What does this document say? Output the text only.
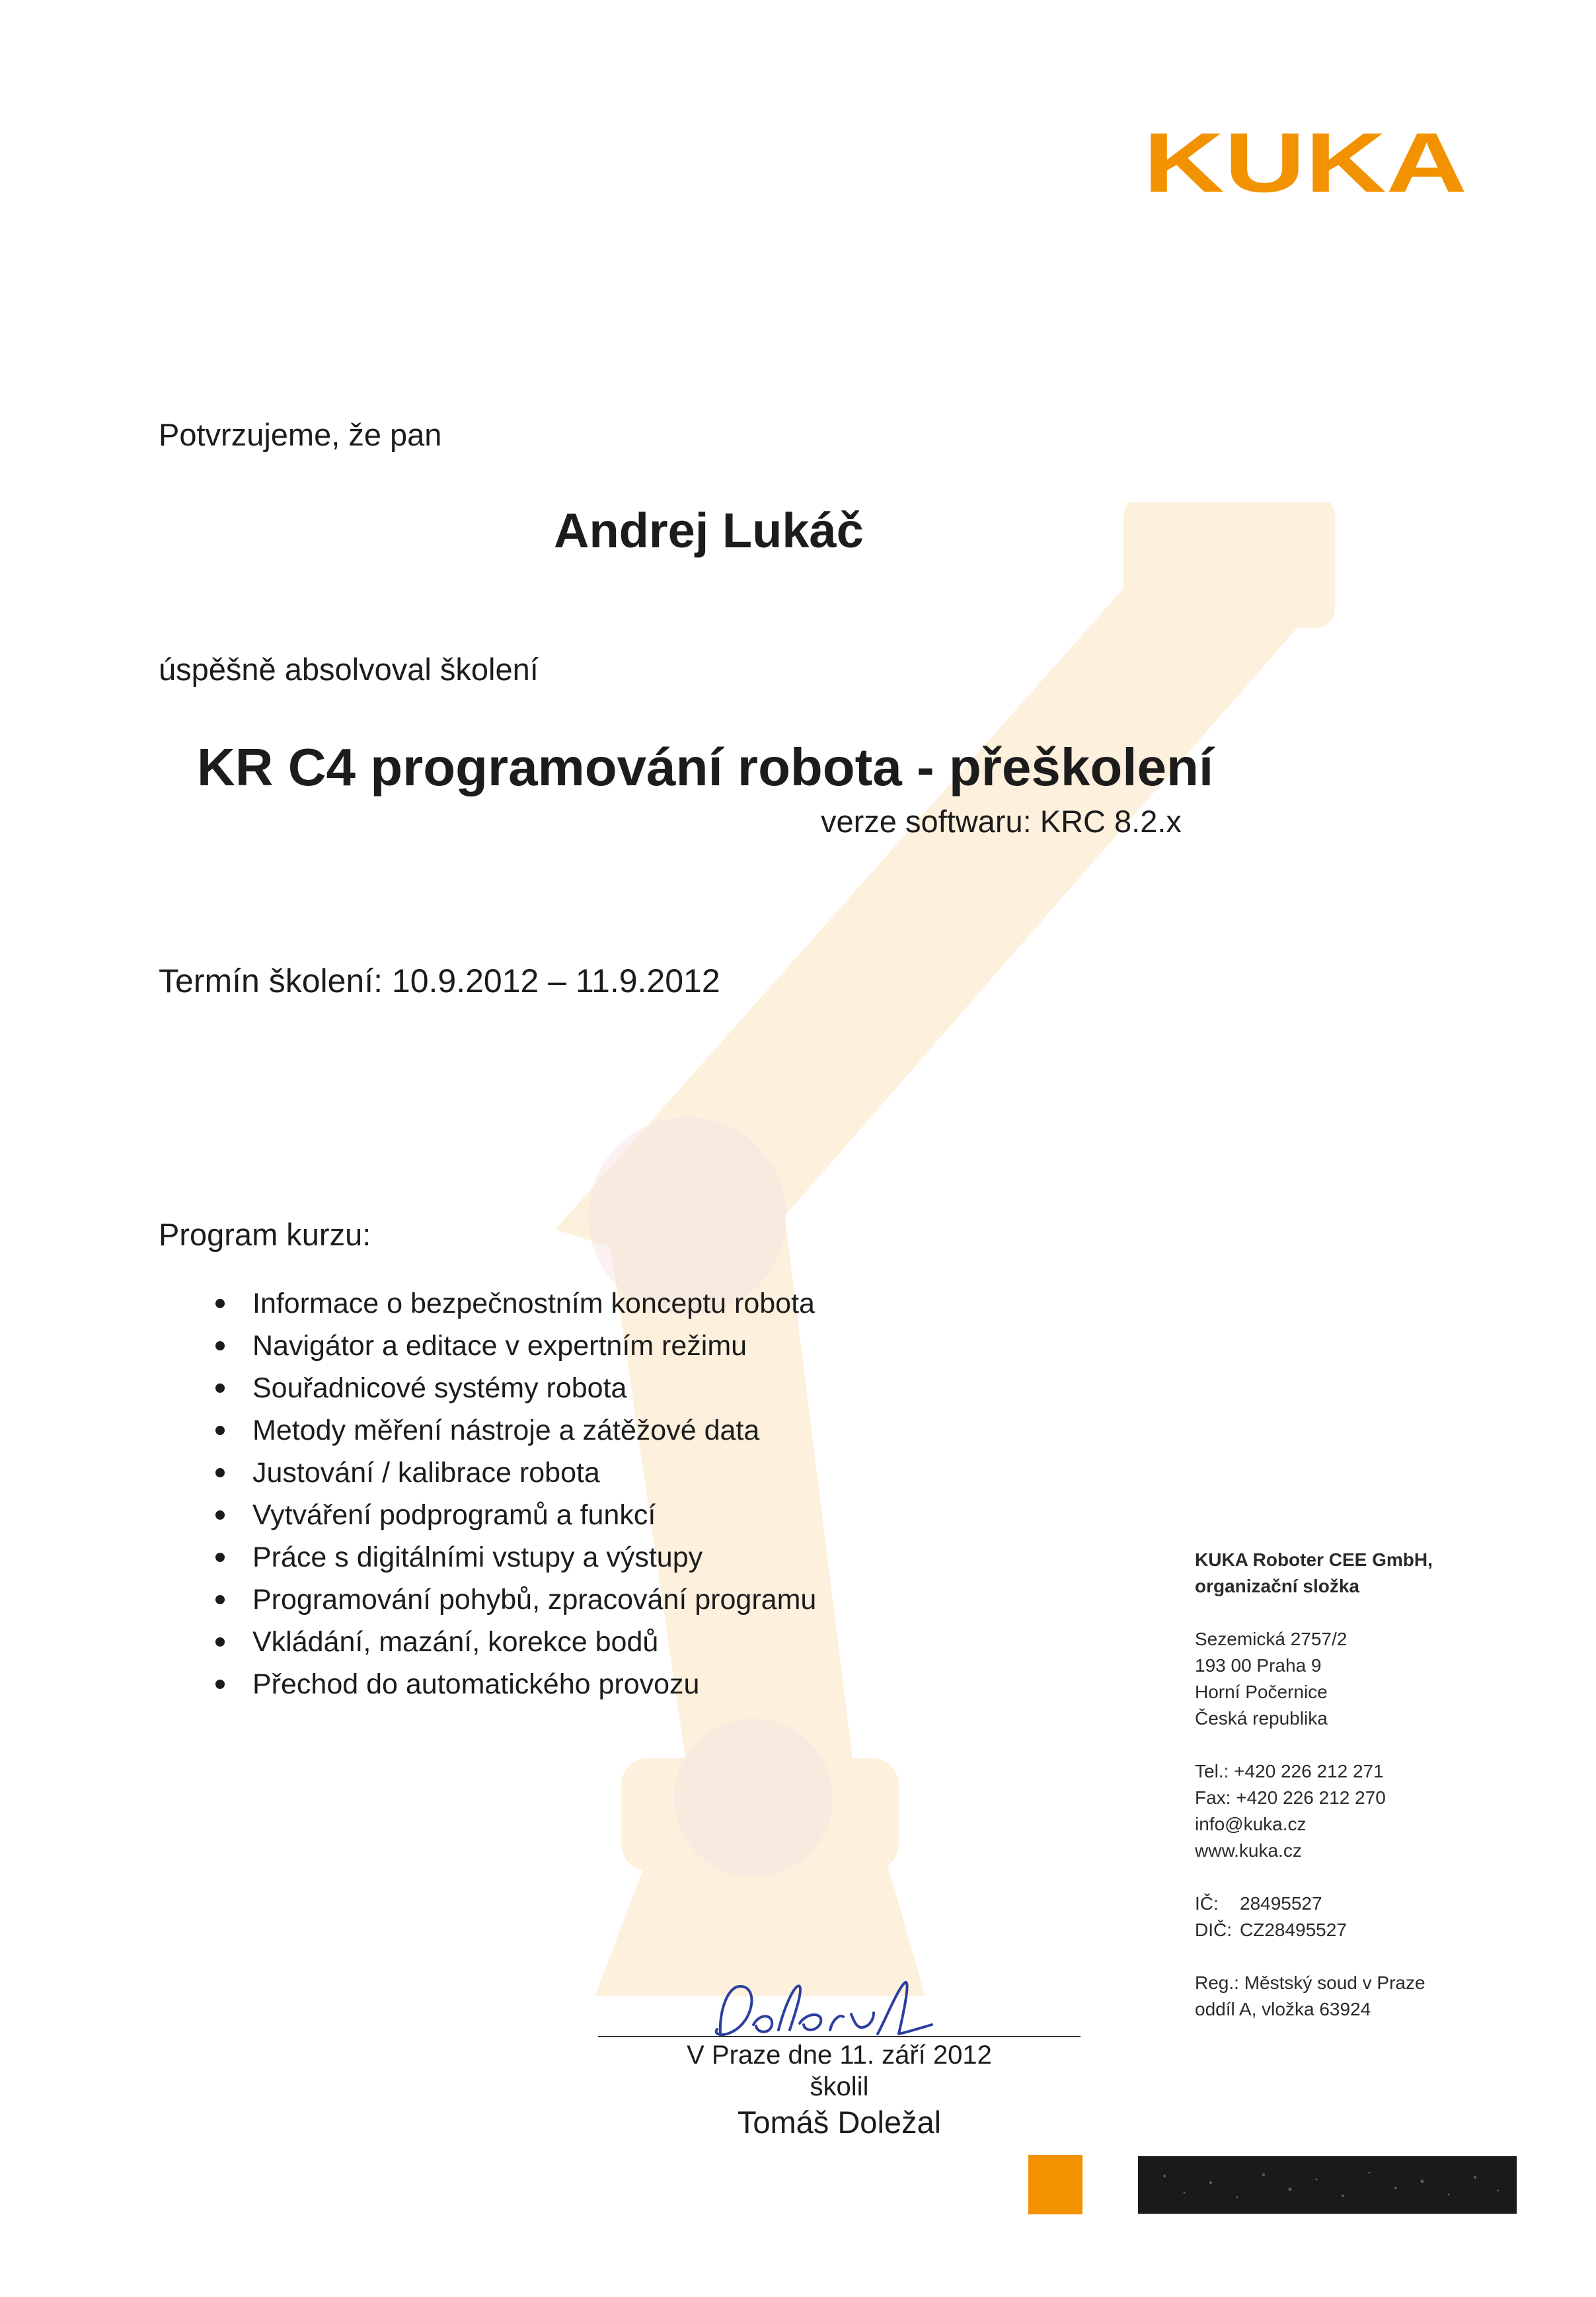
KUKA
Potvrzujeme, že pan
Andrej Lukáč
úspěšně absolvoval školení
KR C4 programování robota - přeškolení
verze softwaru: KRC 8.2.x
Termín školení: 10.9.2012 – 11.9.2012
Program kurzu:
Informace o bezpečnostním konceptu robota
Navigátor a editace v expertním režimu
Souřadnicové systémy robota
Metody měření nástroje a zátěžové data
Justování / kalibrace robota
Vytváření podprogramů a funkcí
Práce s digitálními vstupy a výstupy
Programování pohybů, zpracování programu
Vkládání, mazání, korekce bodů
Přechod do automatického provozu
KUKA Roboter CEE GmbH,
organizační složka
Sezemická 2757/2
193 00 Praha 9
Horní Počernice
Česká republika
Tel.: +420 226 212 271
Fax: +420 226 212 270
info@kuka.cz
www.kuka.cz
IČ: 28495527
DIČ: CZ28495527
Reg.: Městský soud v Praze
oddíl A, vložka 63924
V Praze dne 11. září 2012
školil
Tomáš Doležal
